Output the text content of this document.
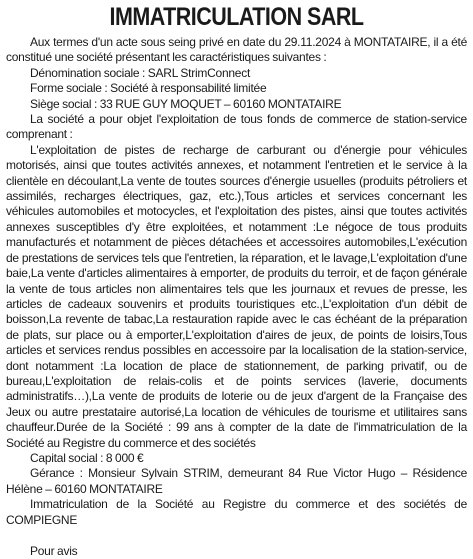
IMMATRICULATION SARL

Aux termes d'un acte sous seing privé en date du 29.11.2024 à MONTATAIRE, il a été constitué une société présentant les caractéristiques suivantes :

Dénomination sociale : SARL StrimConnect

Forme sociale : Société à responsabilité limitée

Siège social : 33 RUE GUY MOQUET – 60160 MONTATAIRE

La société a pour objet l'exploitation de tous fonds de commerce de station-service comprenant :

L'exploitation de pistes de recharge de carburant ou d'énergie pour véhicules motorisés, ainsi que toutes activités annexes, et notamment l'entretien et le service à la clientèle en découlant,La vente de toutes sources d'énergie usuelles (produits pétroliers et assimilés, recharges électriques, gaz, etc.),Tous articles et services concernant les véhicules automobiles et motocycles, et l'exploitation des pistes, ainsi que toutes activités annexes susceptibles d'y être exploitées, et notamment :Le négoce de tous produits manufacturés et notamment de pièces détachées et accessoires automobiles,L'exécution de prestations de services tels que l'entretien, la réparation, et le lavage,L'exploitation d'une baie,La vente d'articles alimentaires à emporter, de produits du terroir, et de façon générale la vente de tous articles non alimentaires tels que les journaux et revues de presse, les articles de cadeaux souvenirs et produits touristiques etc.,L'exploitation d'un débit de boisson,La revente de tabac,La restauration rapide avec le cas échéant de la préparation de plats, sur place ou à emporter,L'exploitation d'aires de jeux, de points de loisirs,Tous articles et services rendus possibles en accessoire par la localisation de la station-service, dont notamment :La location de place de stationnement, de parking privatif, ou de bureau,L'exploitation de relais-colis et de points services (laverie, documents administratifs…),La vente de produits de loterie ou de jeux d'argent de la Française des Jeux ou autre prestataire autorisé,La location de véhicules de tourisme et utilitaires sans chauffeur.Durée de la Société : 99 ans à compter de la date de l'immatriculation de la Société au Registre du commerce et des sociétés

Capital social : 8 000 €

Gérance : Monsieur Sylvain STRIM, demeurant 84 Rue Victor Hugo – Résidence Hélène – 60160 MONTATAIRE

Immatriculation de la Société au Registre du commerce et des sociétés de COMPIEGNE

Pour avis
